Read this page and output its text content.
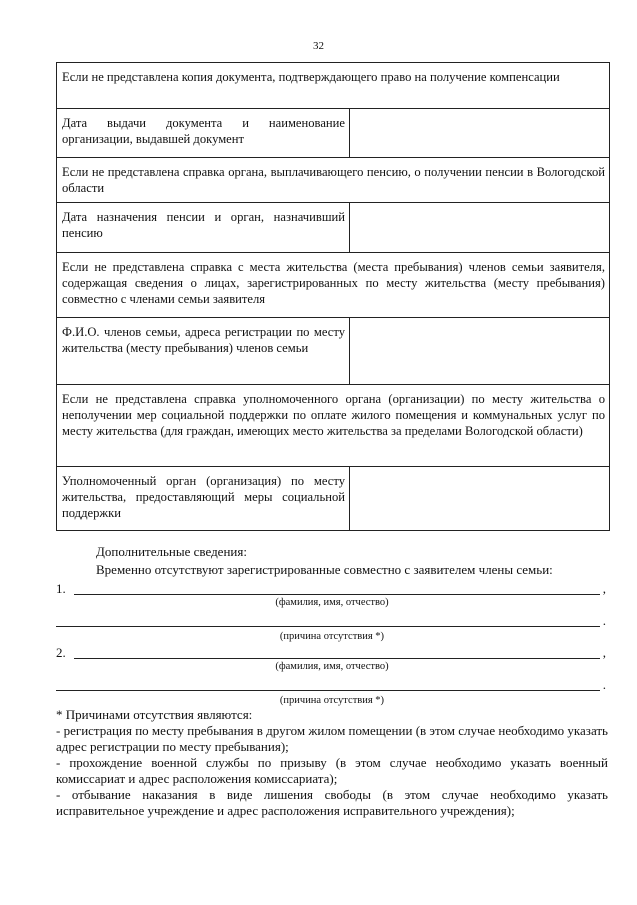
32
Если не представлена копия документа, подтверждающего право на получение компенсации	
Дата выдачи документа и наименование организации, выдавшей документ	
Если не представлена справка органа, выплачивающего пенсию, о получении пенсии в Вологодской области	
Дата назначения пенсии и орган, назначивший пенсию	
Если не представлена справка с места жительства (места пребывания) членов семьи заявителя, содержащая сведения о лицах, зарегистрированных по месту жительства (месту пребывания) совместно с членами семьи заявителя	
Ф.И.О. членов семьи, адреса регистрации по месту жительства (месту пребывания) членов семьи	
Если не представлена справка уполномоченного органа (организации) по месту жительства о неполучении мер социальной поддержки по оплате жилого помещения и коммунальных услуг по месту жительства (для граждан, имеющих место жительства за пределами Вологодской области)	
Уполномоченный орган (организация) по месту жительства, предоставляющий меры социальной поддержки	
Дополнительные сведения:
Временно отсутствуют зарегистрированные совместно с заявителем члены семьи:
1.	,
(фамилия, имя, отчество)
.
(причина отсутствия *)
2.	,
(фамилия, имя, отчество)
.
(причина отсутствия *)
* Причинами отсутствия являются:
- регистрация по месту пребывания в другом жилом помещении (в этом случае необходимо указать адрес регистрации по месту пребывания);
- прохождение военной службы по призыву (в этом случае необходимо указать военный комиссариат и адрес расположения комиссариата);
- отбывание наказания в виде лишения свободы (в этом случае необходимо указать исправительное учреждение и адрес расположения исправительного учреждения);
